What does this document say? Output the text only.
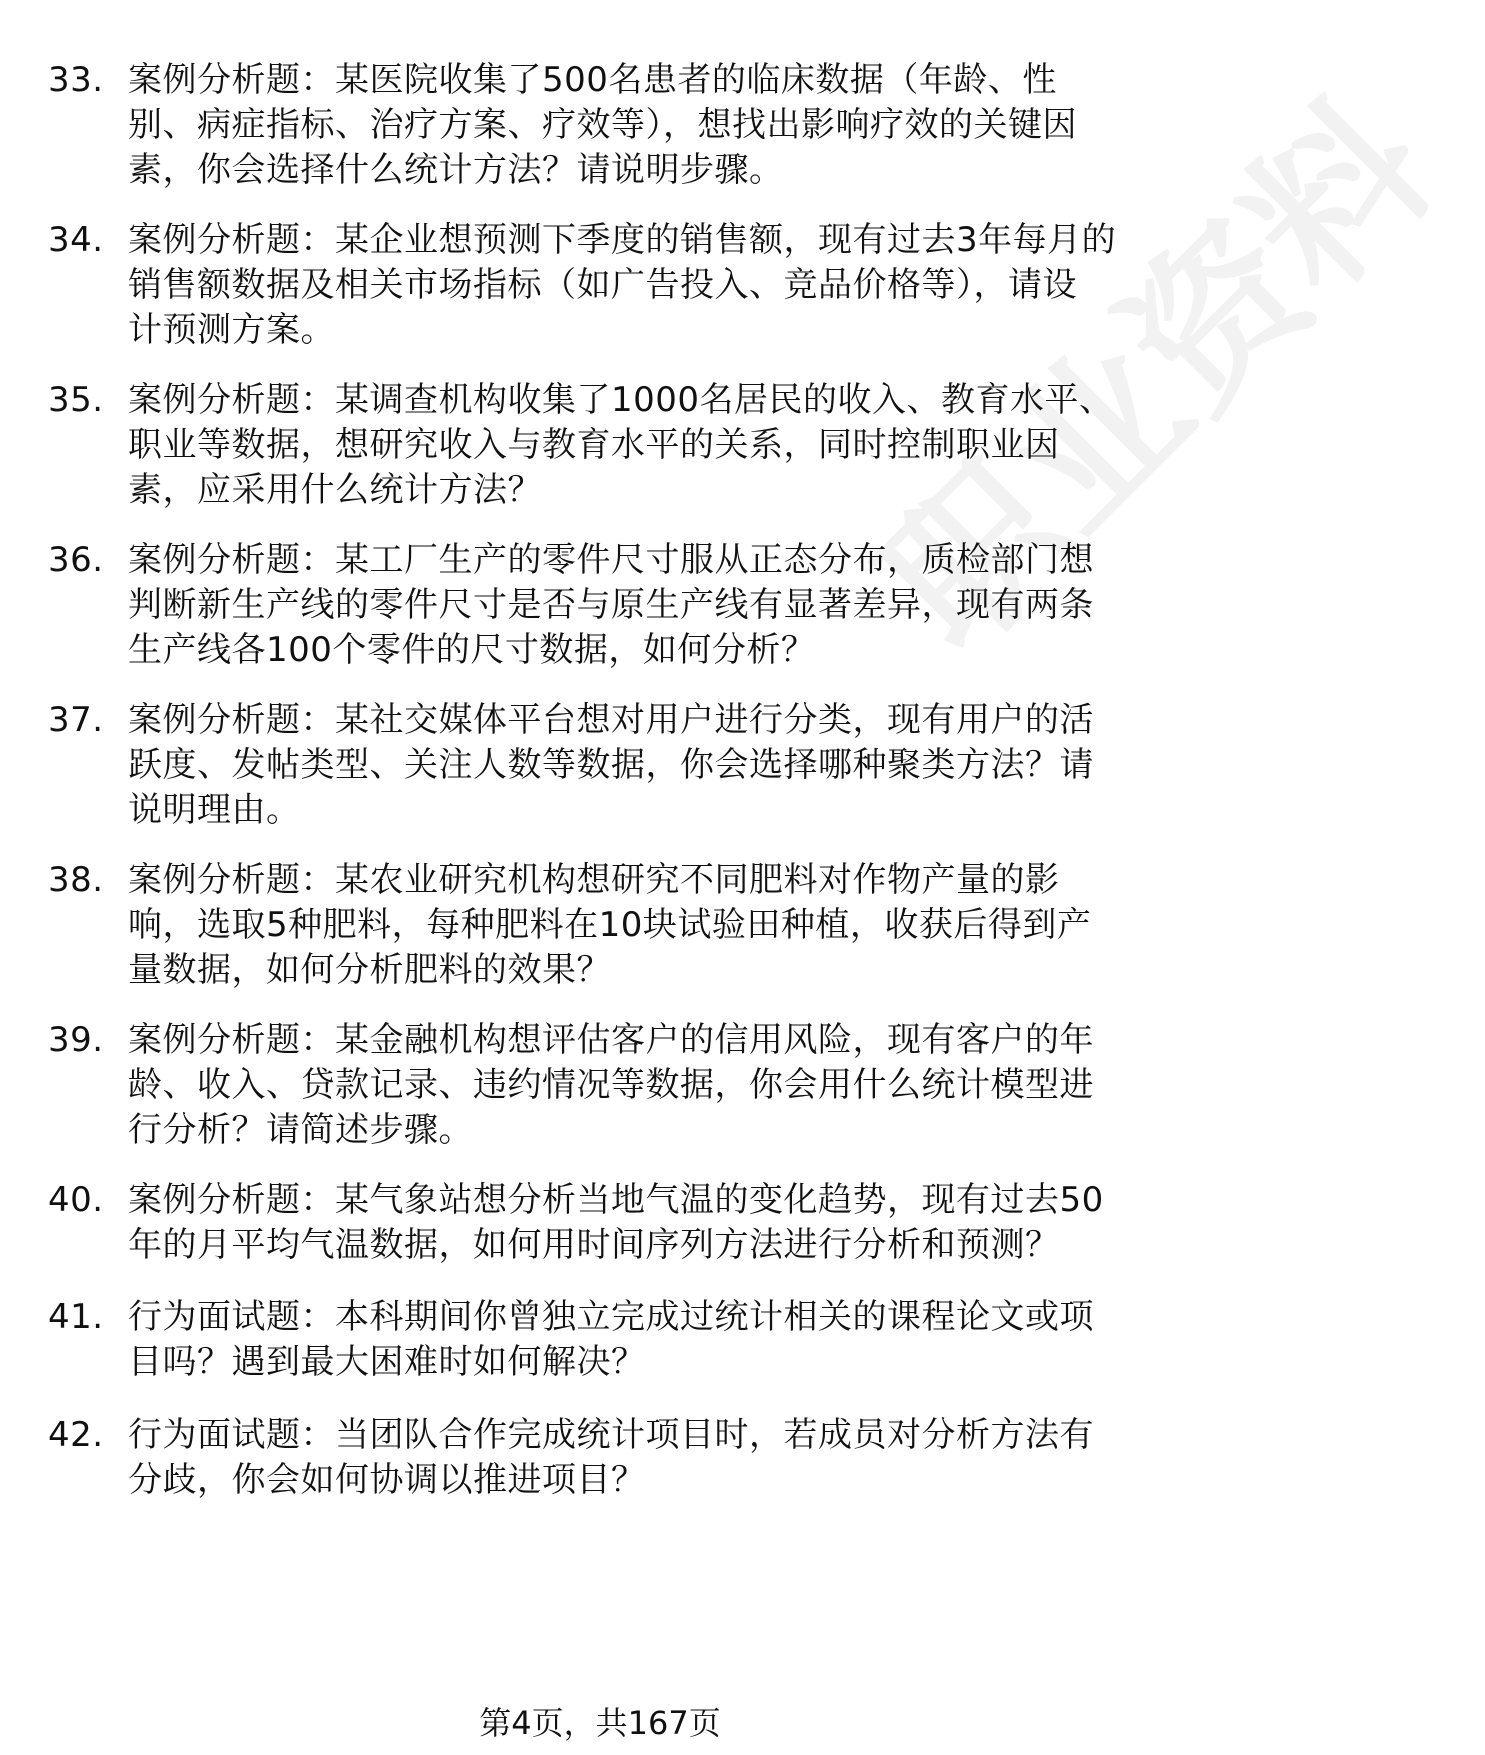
职业资料
33. 案例分析题：某医院收集了500名患者的临床数据（年龄、性
别、病症指标、治疗方案、疗效等），想找出影响疗效的关键因
素，你会选择什么统计方法？请说明步骤。
34. 案例分析题：某企业想预测下季度的销售额，现有过去3年每月的
销售额数据及相关市场指标（如广告投入、竞品价格等），请设
计预测方案。
35. 案例分析题：某调查机构收集了1000名居民的收入、教育水平、
职业等数据，想研究收入与教育水平的关系，同时控制职业因
素，应采用什么统计方法？
36. 案例分析题：某工厂生产的零件尺寸服从正态分布，质检部门想
判断新生产线的零件尺寸是否与原生产线有显著差异，现有两条
生产线各100个零件的尺寸数据，如何分析？
37. 案例分析题：某社交媒体平台想对用户进行分类，现有用户的活
跃度、发帖类型、关注人数等数据，你会选择哪种聚类方法？请
说明理由。
38. 案例分析题：某农业研究机构想研究不同肥料对作物产量的影
响，选取5种肥料，每种肥料在10块试验田种植，收获后得到产
量数据，如何分析肥料的效果？
39. 案例分析题：某金融机构想评估客户的信用风险，现有客户的年
龄、收入、贷款记录、违约情况等数据，你会用什么统计模型进
行分析？请简述步骤。
40. 案例分析题：某气象站想分析当地气温的变化趋势，现有过去50
年的月平均气温数据，如何用时间序列方法进行分析和预测？
41. 行为面试题：本科期间你曾独立完成过统计相关的课程论文或项
目吗？遇到最大困难时如何解决？
42. 行为面试题：当团队合作完成统计项目时，若成员对分析方法有
分歧，你会如何协调以推进项目？
第4页，共167页
